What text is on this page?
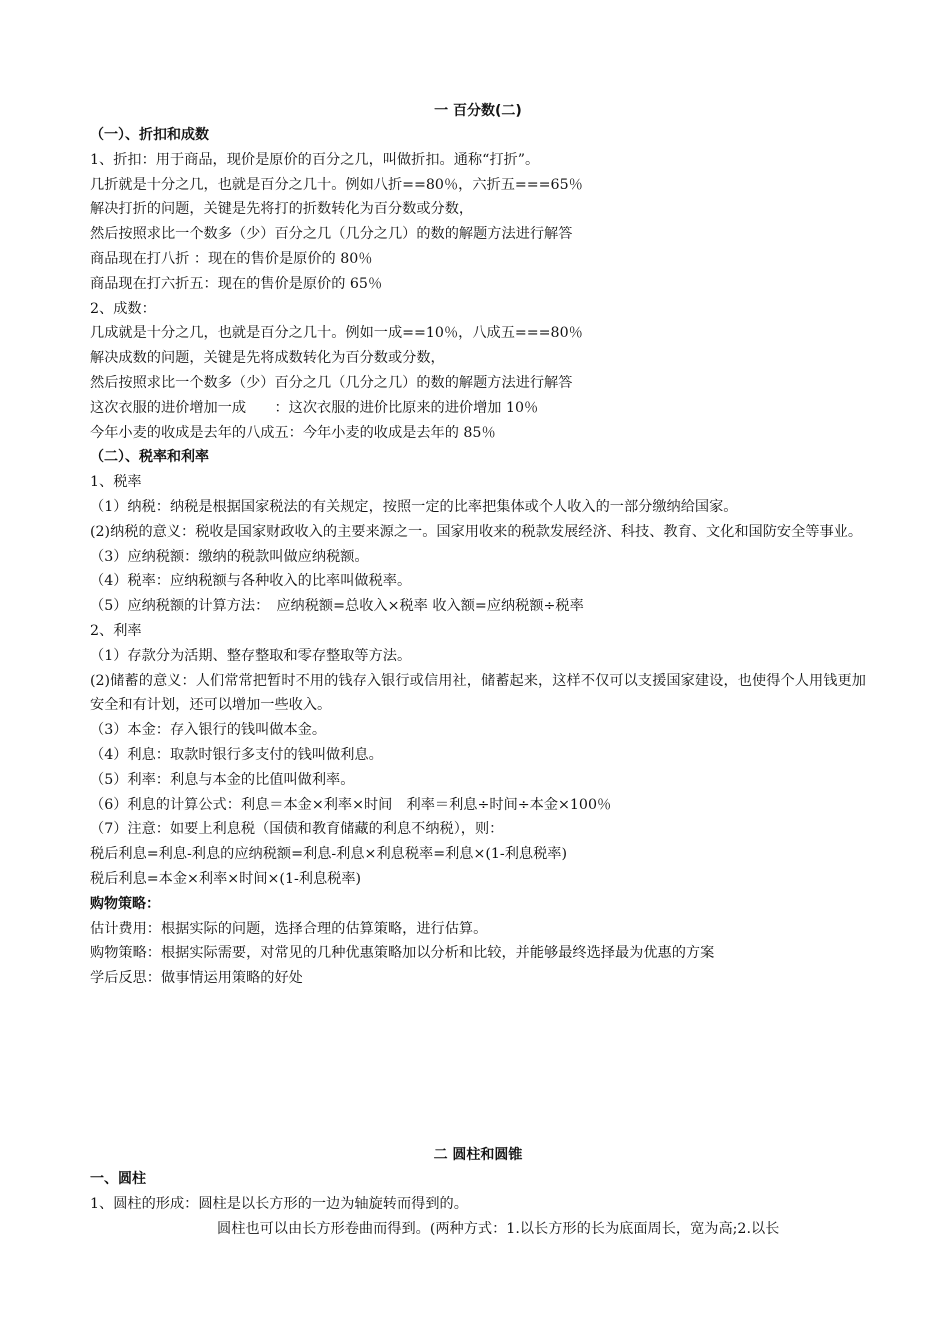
一 百分数(二)
（一）、折扣和成数
1、折扣：用于商品，现价是原价的百分之几，叫做折扣。通称“打折”。
几折就是十分之几，也就是百分之几十。例如八折==80％，六折五===65％
解决打折的问题，关键是先将打的折数转化为百分数或分数，
然后按照求比一个数多（少）百分之几（几分之几）的数的解题方法进行解答
商品现在打八折 ：现在的售价是原价的 80％
商品现在打六折五：现在的售价是原价的 65％
2、成数：
几成就是十分之几，也就是百分之几十。例如一成==10％，八成五===80％
解决成数的问题，关键是先将成数转化为百分数或分数，
然后按照求比一个数多（少）百分之几（几分之几）的数的解题方法进行解答
这次衣服的进价增加一成　　：这次衣服的进价比原来的进价增加 10％
今年小麦的收成是去年的八成五：今年小麦的收成是去年的 85％
（二）、税率和利率
1、税率
（1）纳税：纳税是根据国家税法的有关规定，按照一定的比率把集体或个人收入的一部分缴纳给国家。
(2)纳税的意义：税收是国家财政收入的主要来源之一。国家用收来的税款发展经济、科技、教育、文化和国防安全等事业。
（3）应纳税额：缴纳的税款叫做应纳税额。
（4）税率：应纳税额与各种收入的比率叫做税率。
（5）应纳税额的计算方法：　应纳税额=总收入×税率 收入额=应纳税额÷税率
2、利率
（1）存款分为活期、整存整取和零存整取等方法。
(2)储蓄的意义：人们常常把暂时不用的钱存入银行或信用社，储蓄起来，这样不仅可以支援国家建设，也使得个人用钱更加安全和有计划，还可以增加一些收入。
（3）本金：存入银行的钱叫做本金。
（4）利息：取款时银行多支付的钱叫做利息。
（5）利率：利息与本金的比值叫做利率。
（6）利息的计算公式：利息＝本金×利率×时间　利率＝利息÷时间÷本金×100％
（7）注意：如要上利息税（国债和教育储藏的利息不纳税），则：
税后利息=利息-利息的应纳税额=利息-利息×利息税率=利息×(1-利息税率)
税后利息=本金×利率×时间×(1-利息税率)
购物策略：
估计费用：根据实际的问题，选择合理的估算策略，进行估算。
购物策略：根据实际需要，对常见的几种优惠策略加以分析和比较，并能够最终选择最为优惠的方案
学后反思：做事情运用策略的好处
二 圆柱和圆锥
一、圆柱
1、圆柱的形成：圆柱是以长方形的一边为轴旋转而得到的。
圆柱也可以由长方形卷曲而得到。(两种方式：1.以长方形的长为底面周长，宽为高;2.以长
